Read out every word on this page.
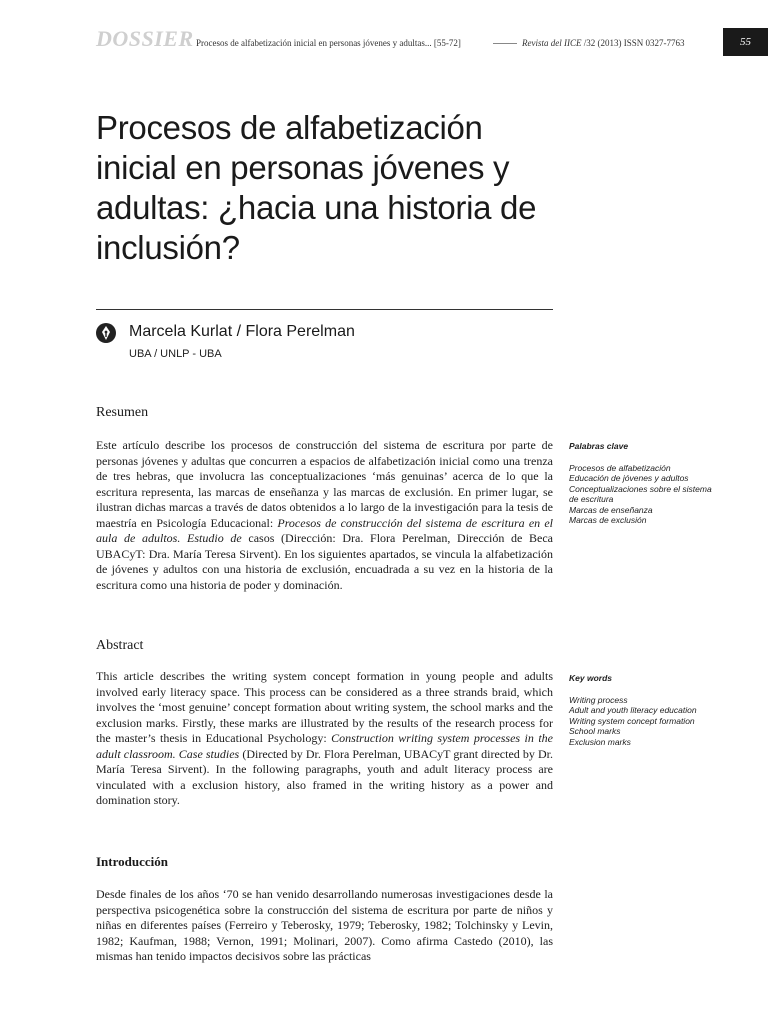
DOSSIER Procesos de alfabetización inicial en personas jóvenes y adultas... [55-72]	Revista del IICE /32 (2013) ISSN 0327-7763	55
Procesos de alfabetización inicial en personas jóvenes y adultas: ¿hacia una historia de inclusión?
Marcela Kurlat / Flora Perelman
UBA / UNLP - UBA
Resumen

Este artículo describe los procesos de construcción del sistema de escritura por parte de personas jóvenes y adultas que concurren a espacios de alfabetización inicial como una trenza de tres hebras, que involucra las conceptualizaciones ‘más genuinas’ acerca de lo que la escritura representa, las marcas de enseñanza y las marcas de exclusión. En primer lugar, se ilustran dichas marcas a través de datos obtenidos a lo largo de la investigación para la tesis de maestría en Psicología Educacional: Procesos de construcción del sistema de escritura en el aula de adultos. Estudio de casos (Dirección: Dra. Flora Perelman, Dirección de Beca UBACyT: Dra. María Teresa Sirvent). En los siguientes apartados, se vincula la alfabetización de jóvenes y adultos con una historia de exclusión, encuadrada a su vez en la historia de la escritura como una historia de poder y dominación.

Palabras clave
Procesos de alfabetización
Educación de jóvenes y adultos
Conceptualizaciones sobre el sistema de escritura
Marcas de enseñanza
Marcas de exclusión
Abstract

This article describes the writing system concept formation in young people and adults involved early literacy space. This process can be considered as a three strands braid, which involves the ‘most genuine’ concept formation about writing system, the school marks and the exclusion marks. Firstly, these marks are illustrated by the results of the research process for the master’s thesis in Educational Psychology: Construction writing system processes in the adult classroom. Case studies (Directed by Dr. Flora Perelman, UBACyT grant directed by Dr. María Teresa Sirvent). In the following paragraphs, youth and adult literacy process are vinculated with a exclusion history, also framed in the writing history as a power and domination story.

Key words
Writing process
Adult and youth literacy education
Writing system concept formation
School marks
Exclusion marks
Introducción

Desde finales de los años ‘70 se han venido desarrollando numerosas investigaciones desde la perspectiva psicogenética sobre la construcción del sistema de escritura por parte de niños y niñas en diferentes países (Ferreiro y Teberosky, 1979; Teberosky, 1982; Tolchinsky y Levin, 1982; Kaufman, 1988; Vernon, 1991; Molinari, 2007). Como afirma Castedo (2010), las mismas han tenido impactos decisivos sobre las prácticas
